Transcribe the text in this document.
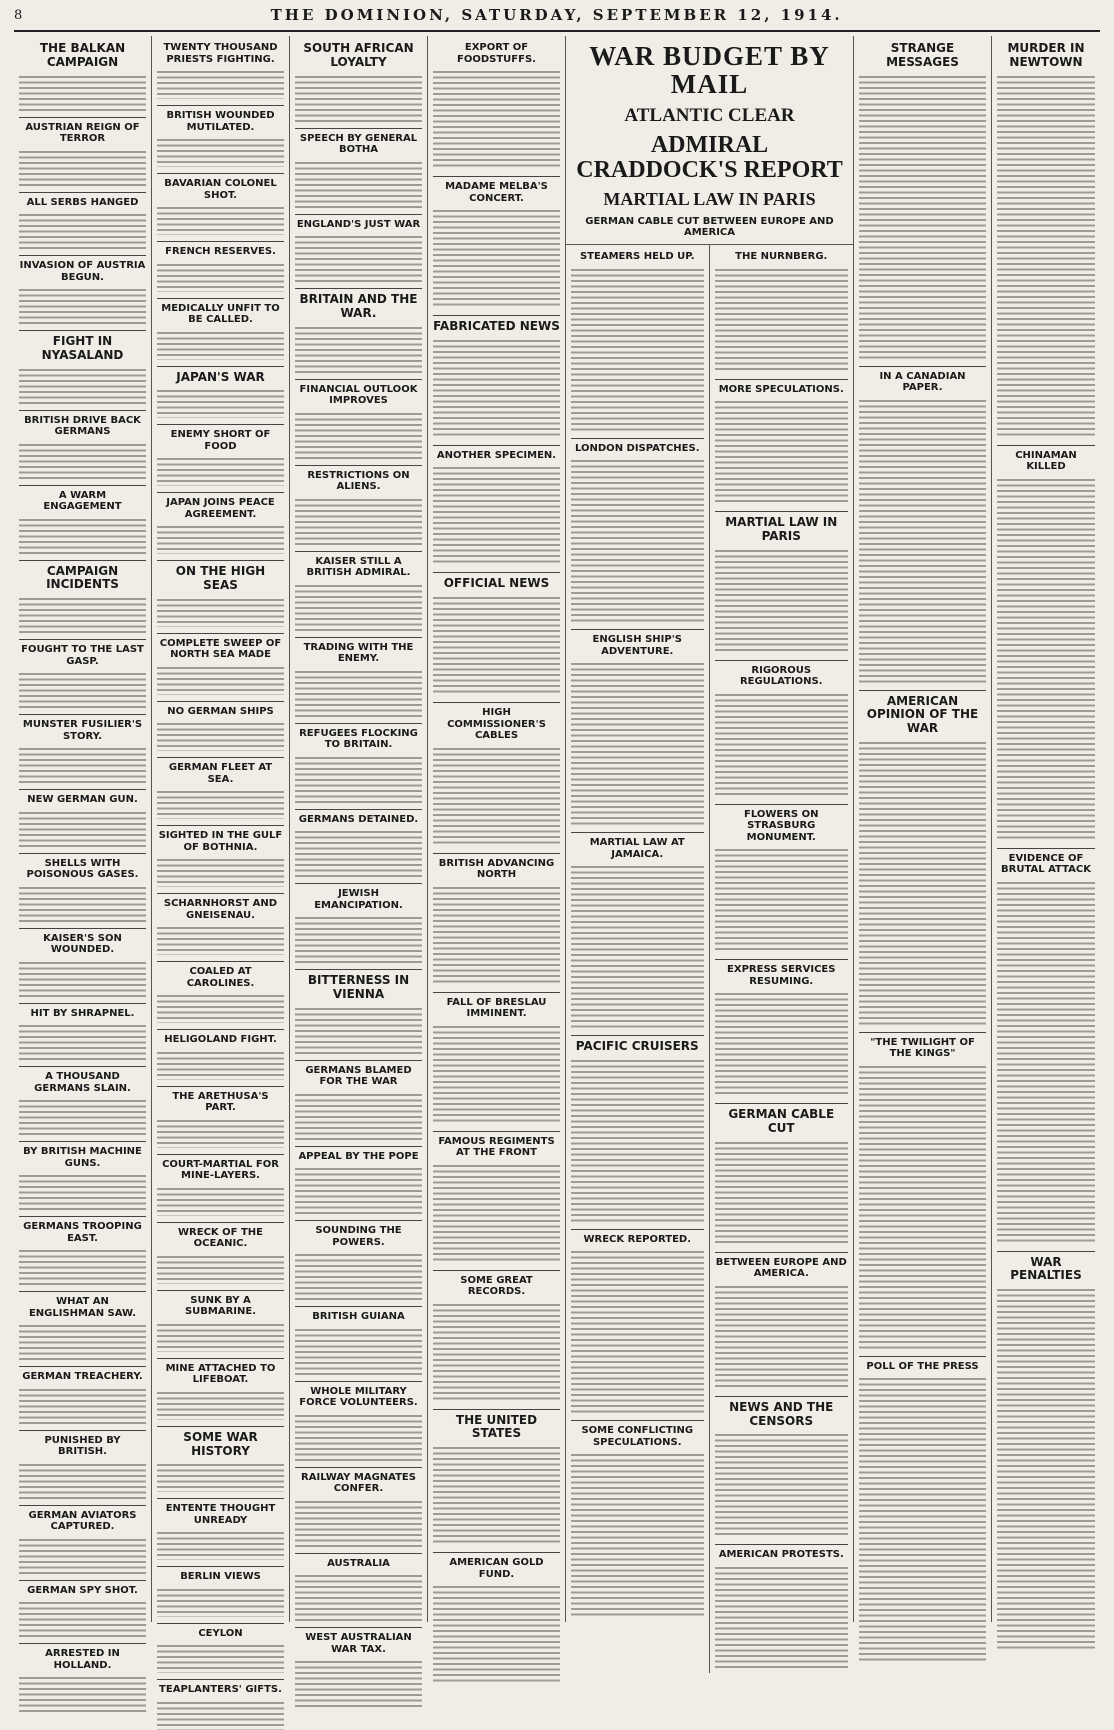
8	THE DOMINION, SATURDAY, SEPTEMBER 12, 1914.
THE BALKAN CAMPAIGN
AUSTRIAN REIGN OF TERROR
ALL SERBS HANGED
INVASION OF AUSTRIA BEGUN.
FIGHT IN NYASALAND
BRITISH DRIVE BACK GERMANS
A WARM ENGAGEMENT
CAMPAIGN INCIDENTS
FOUGHT TO THE LAST GASP.
MUNSTER FUSILIER'S STORY.
NEW GERMAN GUN.
SHELLS WITH POISONOUS GASES.
KAISER'S SON WOUNDED.
HIT BY SHRAPNEL.
A THOUSAND GERMANS SLAIN.
BY BRITISH MACHINE GUNS.
GERMANS TROOPING EAST.
WHAT AN ENGLISHMAN SAW.
GERMAN TREACHERY.
PUNISHED BY BRITISH.
GERMAN AVIATORS CAPTURED.
GERMAN SPY SHOT.
ARRESTED IN HOLLAND.
TWENTY THOUSAND PRIESTS FIGHTING.
BRITISH WOUNDED MUTILATED.
BAVARIAN COLONEL SHOT.
FRENCH RESERVES.
MEDICALLY UNFIT TO BE CALLED.
JAPAN'S WAR
ENEMY SHORT OF FOOD
JAPAN JOINS PEACE AGREEMENT.
ON THE HIGH SEAS
COMPLETE SWEEP OF NORTH SEA MADE
NO GERMAN SHIPS
GERMAN FLEET AT SEA.
SIGHTED IN THE GULF OF BOTHNIA.
SCHARNHORST AND GNEISENAU.
COALED AT CAROLINES.
HELIGOLAND FIGHT.
THE ARETHUSA'S PART.
COURT-MARTIAL FOR MINE-LAYERS.
WRECK OF THE OCEANIC.
SUNK BY A SUBMARINE.
MINE ATTACHED TO LIFEBOAT.
SOME WAR HISTORY
ENTENTE THOUGHT UNREADY
BERLIN VIEWS
CEYLON
TEAPLANTERS' GIFTS.
SOUTH AFRICAN LOYALTY
SPEECH BY GENERAL BOTHA
ENGLAND'S JUST WAR
BRITAIN AND THE WAR.
FINANCIAL OUTLOOK IMPROVES
RESTRICTIONS ON ALIENS.
KAISER STILL A BRITISH ADMIRAL.
TRADING WITH THE ENEMY.
REFUGEES FLOCKING TO BRITAIN.
GERMANS DETAINED.
JEWISH EMANCIPATION.
BITTERNESS IN VIENNA
GERMANS BLAMED FOR THE WAR
APPEAL BY THE POPE
SOUNDING THE POWERS.
BRITISH GUIANA
WHOLE MILITARY FORCE VOLUNTEERS.
RAILWAY MAGNATES CONFER.
AUSTRALIA
WEST AUSTRALIAN WAR TAX.
EXPORT OF FOODSTUFFS.
MADAME MELBA'S CONCERT.
FABRICATED NEWS
ANOTHER SPECIMEN.
OFFICIAL NEWS
HIGH COMMISSIONER'S CABLES
BRITISH ADVANCING NORTH
FALL OF BRESLAU IMMINENT.
FAMOUS REGIMENTS AT THE FRONT
SOME GREAT RECORDS.
THE UNITED STATES
AMERICAN GOLD FUND.
WAR BUDGET BY MAIL
ATLANTIC CLEAR
ADMIRAL CRADDOCK'S REPORT
MARTIAL LAW IN PARIS
GERMAN CABLE CUT BETWEEN EUROPE AND AMERICA
STEAMERS HELD UP.
LONDON DISPATCHES.
ENGLISH SHIP'S ADVENTURE.
MARTIAL LAW AT JAMAICA.
PACIFIC CRUISERS
WRECK REPORTED.
SOME CONFLICTING SPECULATIONS.
THE NURNBERG.
MORE SPECULATIONS.
MARTIAL LAW IN PARIS
RIGOROUS REGULATIONS.
FLOWERS ON STRASBURG MONUMENT.
EXPRESS SERVICES RESUMING.
GERMAN CABLE CUT
BETWEEN EUROPE AND AMERICA.
NEWS AND THE CENSORS
AMERICAN PROTESTS.
STRANGE MESSAGES
IN A CANADIAN PAPER.
AMERICAN OPINION OF THE WAR
"THE TWILIGHT OF THE KINGS"
POLL OF THE PRESS
MURDER IN NEWTOWN
CHINAMAN KILLED
EVIDENCE OF BRUTAL ATTACK
WAR PENALTIES
